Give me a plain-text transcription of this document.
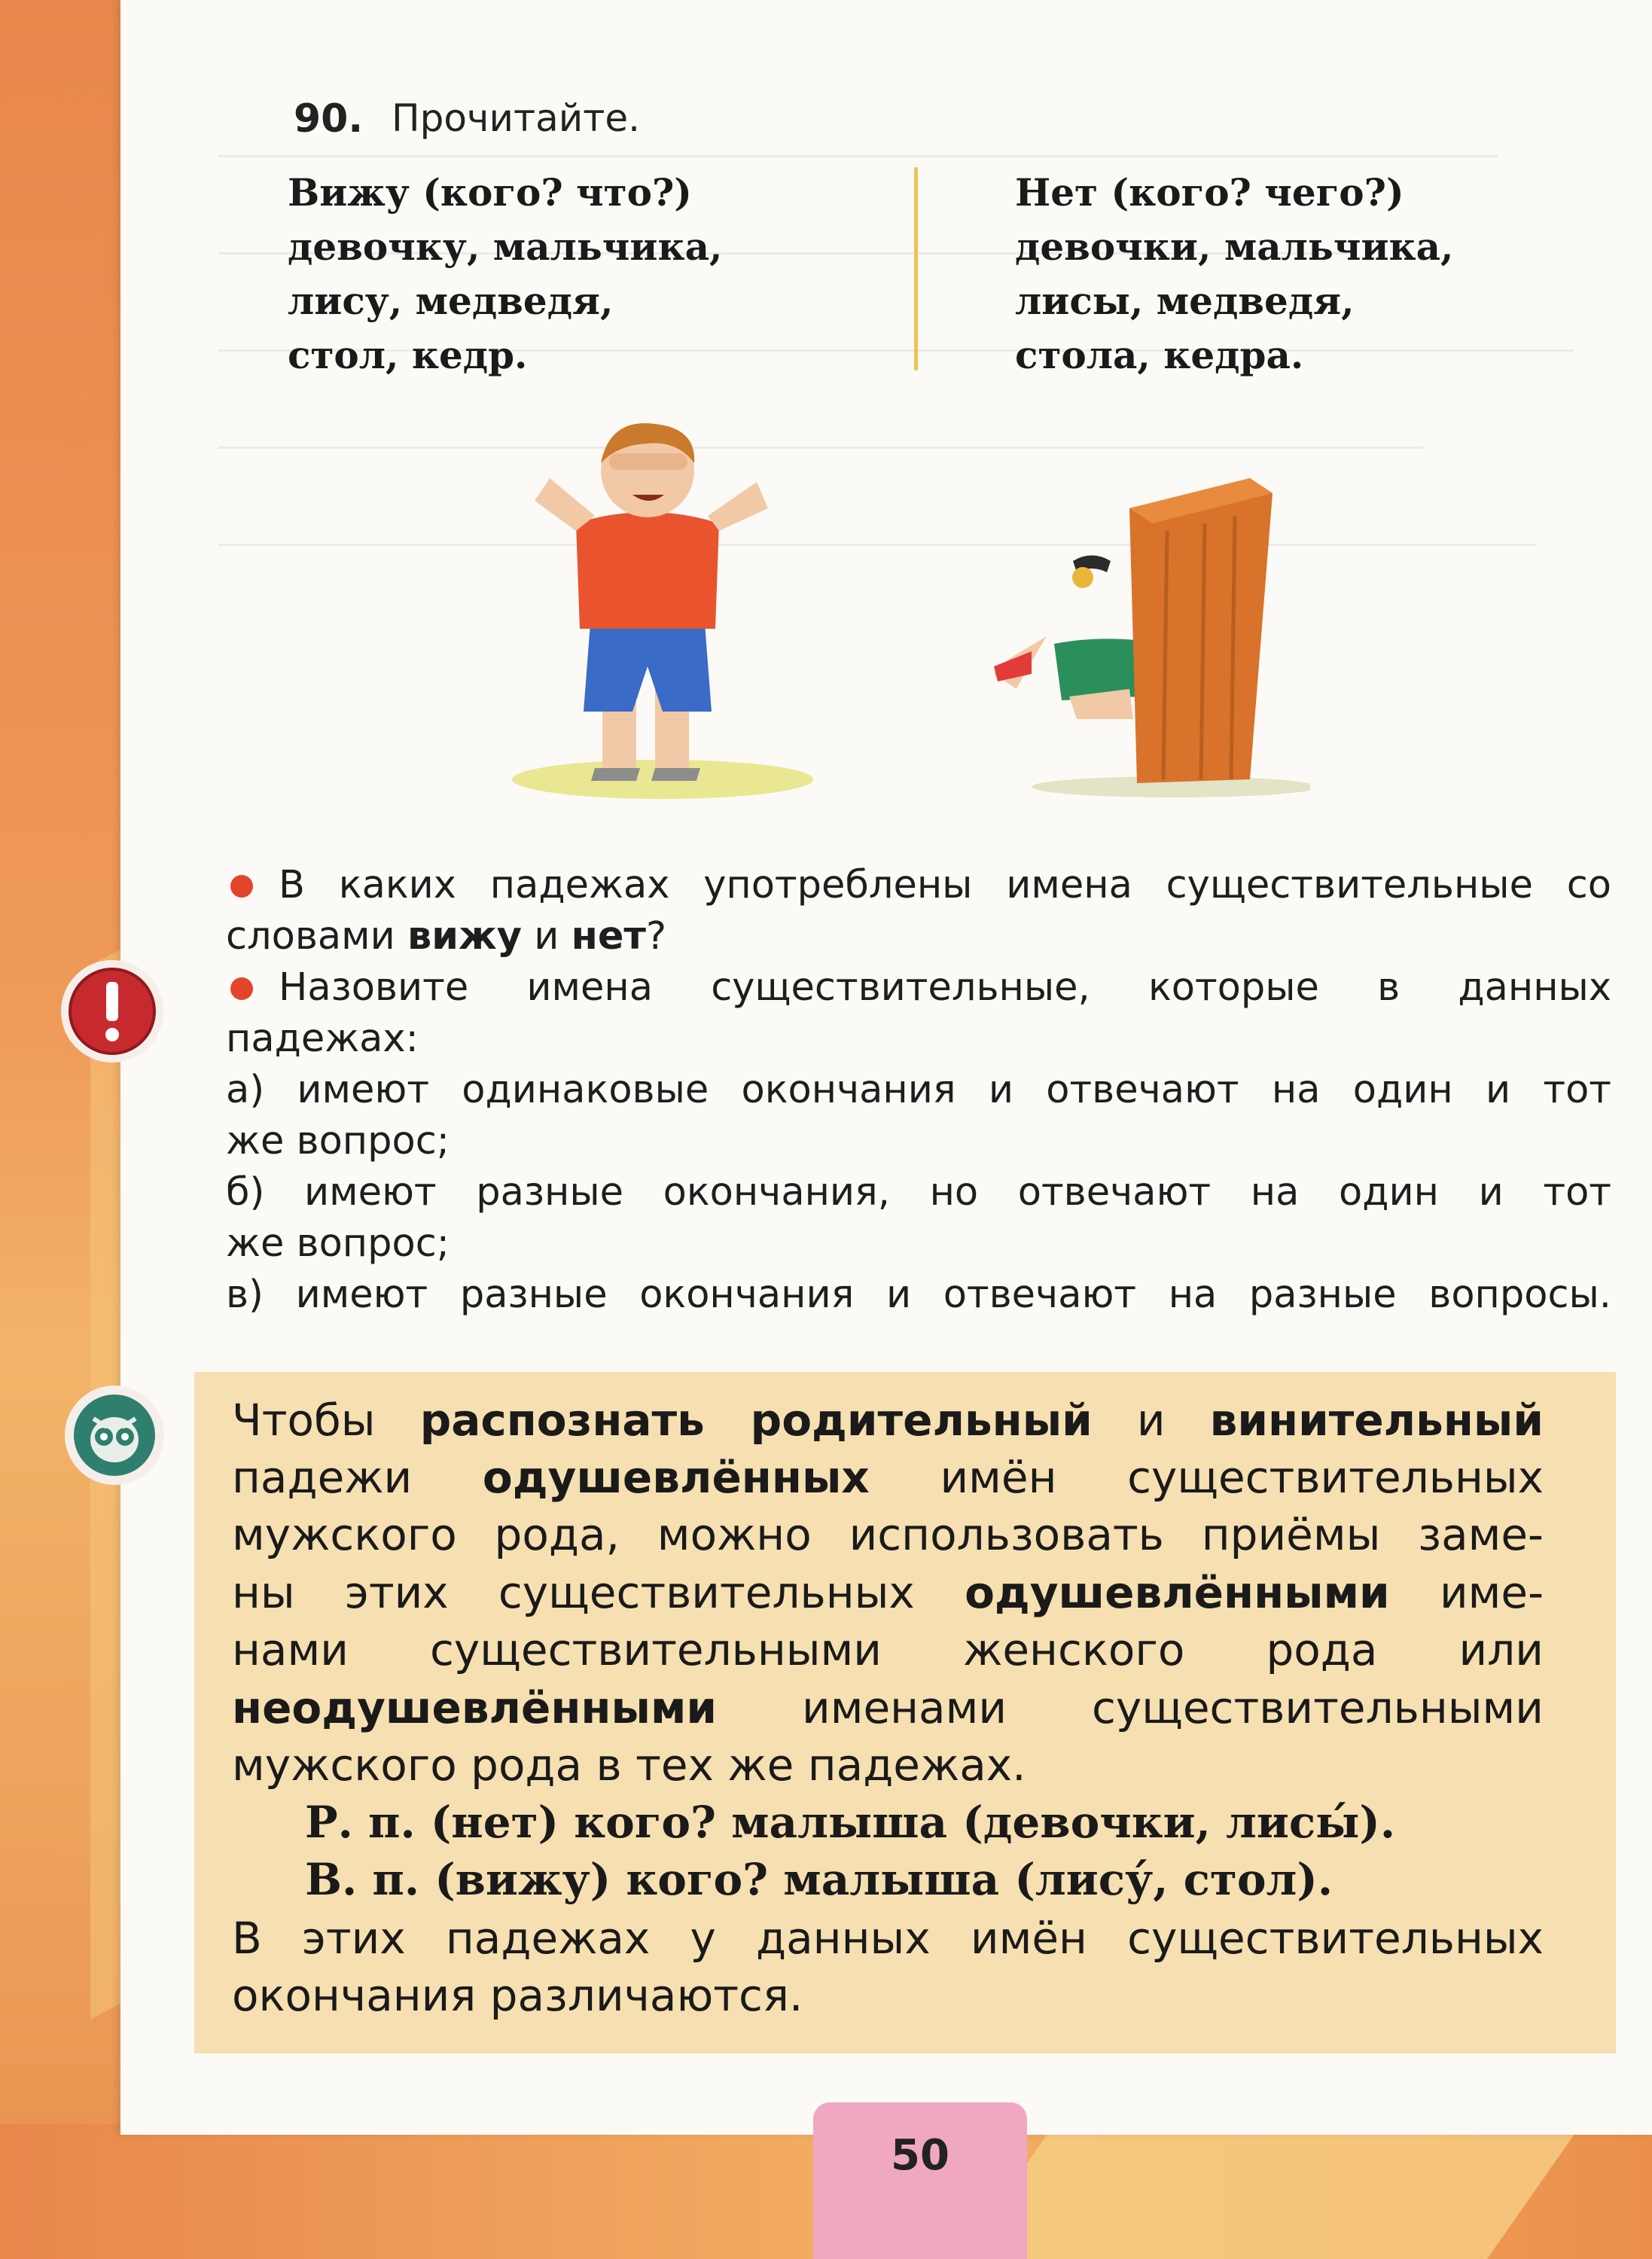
90. Прочитайте.
Вижу (кого? что?)
девочку, мальчика,
лису, медведя,
стол, кедр.
Нет (кого? чего?)
девочки, мальчика,
лисы, медведя,
стола, кедра.
В каких падежах употреблены имена существительные со
словами вижу и нет?
Назовите имена существительные, которые в данных
падежах:
а) имеют одинаковые окончания и отвечают на один и тот
же вопрос;
б) имеют разные окончания, но отвечают на один и тот
же вопрос;
в) имеют разные окончания и отвечают на разные вопросы.
Чтобы распознать родительный и винительный
падежи одушевлённых имён существительных
мужского рода, можно использовать приёмы заме-
ны этих существительных одушевлёнными име-
нами существительными женского рода или
неодушевлёнными именами существительными
мужского рода в тех же падежах.
Р. п. (нет) кого? малыша (девочки, лисы́).
В. п. (вижу) кого? малыша (лису́, стол).
В этих падежах у данных имён существительных
окончания различаются.
50
